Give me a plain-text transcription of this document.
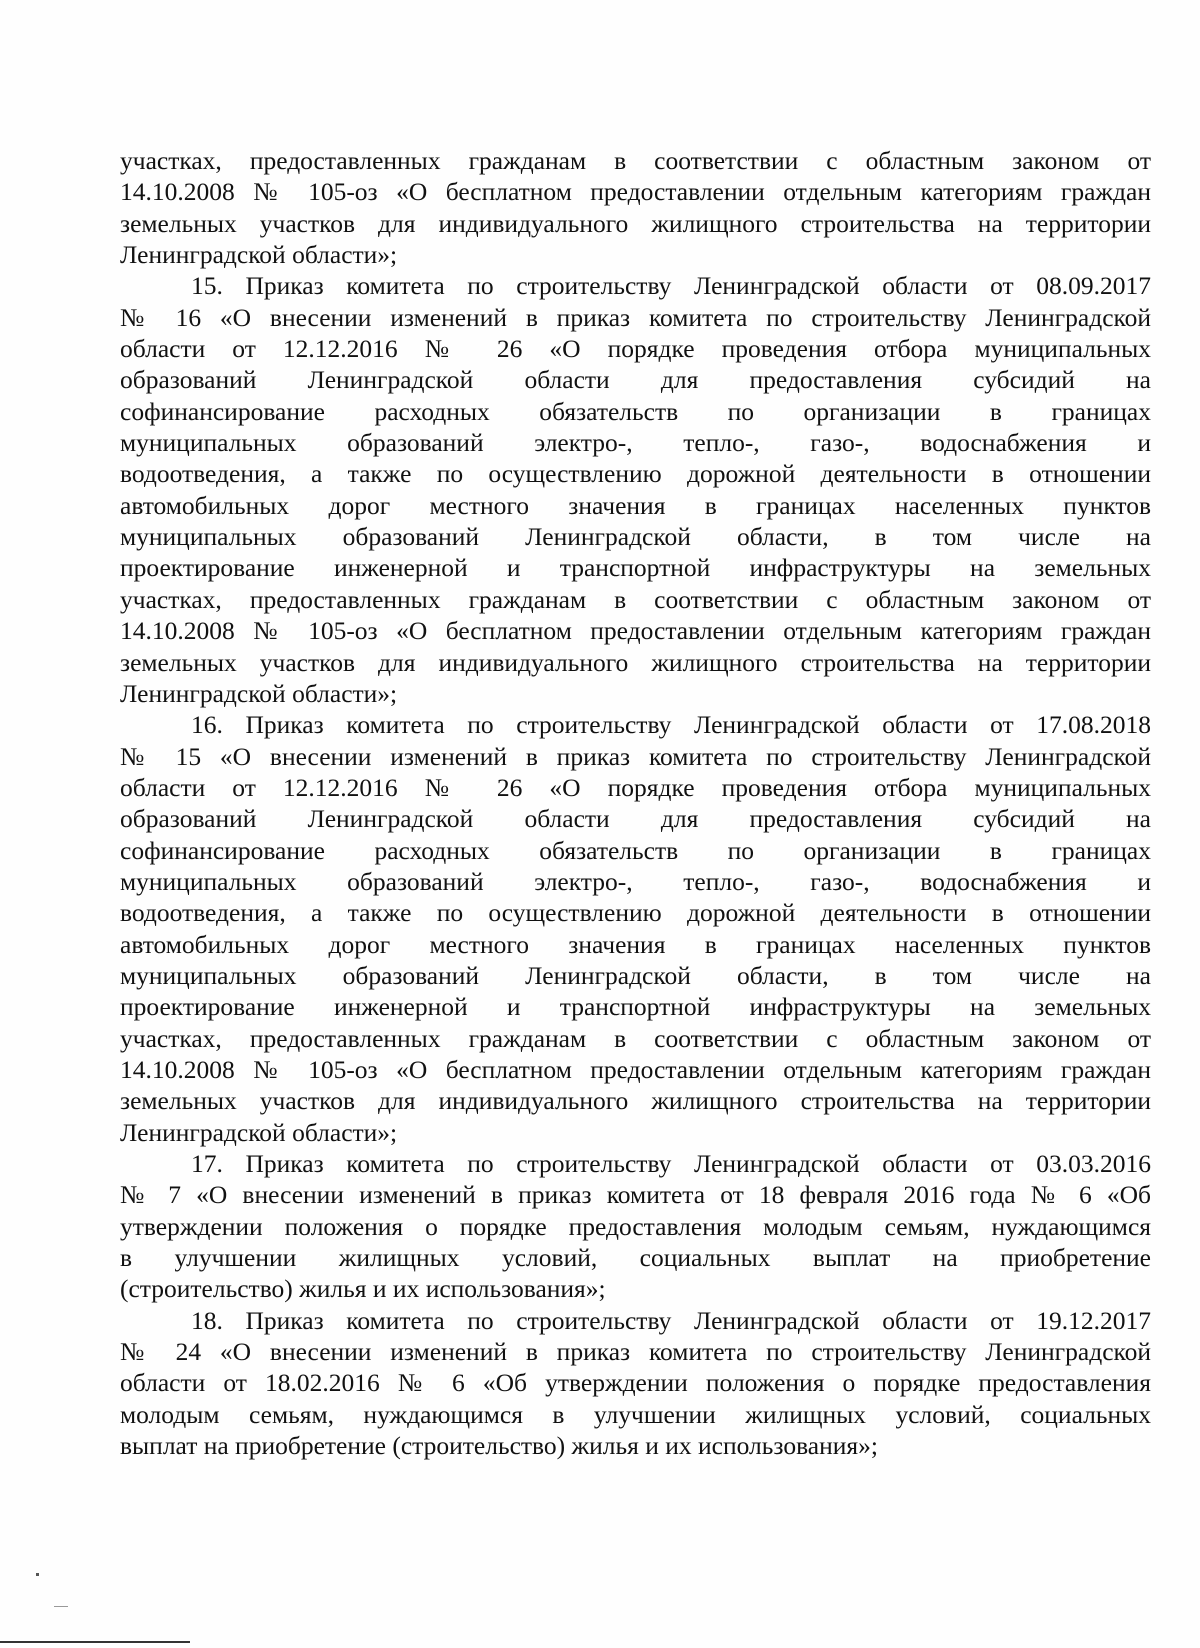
участках, предоставленных гражданам в соответствии с областным законом от
14.10.2008 № 105-оз «О бесплатном предоставлении отдельным категориям граждан
земельных участков для индивидуального жилищного строительства на территории
Ленинградской области»;

15. Приказ комитета по строительству Ленинградской области от 08.09.2017
№ 16 «О внесении изменений в приказ комитета по строительству Ленинградской
области от 12.12.2016 № 26 «О порядке проведения отбора муниципальных
образований Ленинградской области для предоставления субсидий на
софинансирование расходных обязательств по организации в границах
муниципальных образований электро-, тепло-, газо-, водоснабжения и
водоотведения, а также по осуществлению дорожной деятельности в отношении
автомобильных дорог местного значения в границах населенных пунктов
муниципальных образований Ленинградской области, в том числе на
проектирование инженерной и транспортной инфраструктуры на земельных
участках, предоставленных гражданам в соответствии с областным законом от
14.10.2008 № 105-оз «О бесплатном предоставлении отдельным категориям граждан
земельных участков для индивидуального жилищного строительства на территории
Ленинградской области»;

16. Приказ комитета по строительству Ленинградской области от 17.08.2018
№ 15 «О внесении изменений в приказ комитета по строительству Ленинградской
области от 12.12.2016 № 26 «О порядке проведения отбора муниципальных
образований Ленинградской области для предоставления субсидий на
софинансирование расходных обязательств по организации в границах
муниципальных образований электро-, тепло-, газо-, водоснабжения и
водоотведения, а также по осуществлению дорожной деятельности в отношении
автомобильных дорог местного значения в границах населенных пунктов
муниципальных образований Ленинградской области, в том числе на
проектирование инженерной и транспортной инфраструктуры на земельных
участках, предоставленных гражданам в соответствии с областным законом от
14.10.2008 № 105-оз «О бесплатном предоставлении отдельным категориям граждан
земельных участков для индивидуального жилищного строительства на территории
Ленинградской области»;

17. Приказ комитета по строительству Ленинградской области от 03.03.2016
№ 7 «О внесении изменений в приказ комитета от 18 февраля 2016 года № 6 «Об
утверждении положения о порядке предоставления молодым семьям, нуждающимся
в улучшении жилищных условий, социальных выплат на приобретение
(строительство) жилья и их использования»;

18. Приказ комитета по строительству Ленинградской области от 19.12.2017
№ 24 «О внесении изменений в приказ комитета по строительству Ленинградской
области от 18.02.2016 № 6 «Об утверждении положения о порядке предоставления
молодым семьям, нуждающимся в улучшении жилищных условий, социальных
выплат на приобретение (строительство) жилья и их использования»;
